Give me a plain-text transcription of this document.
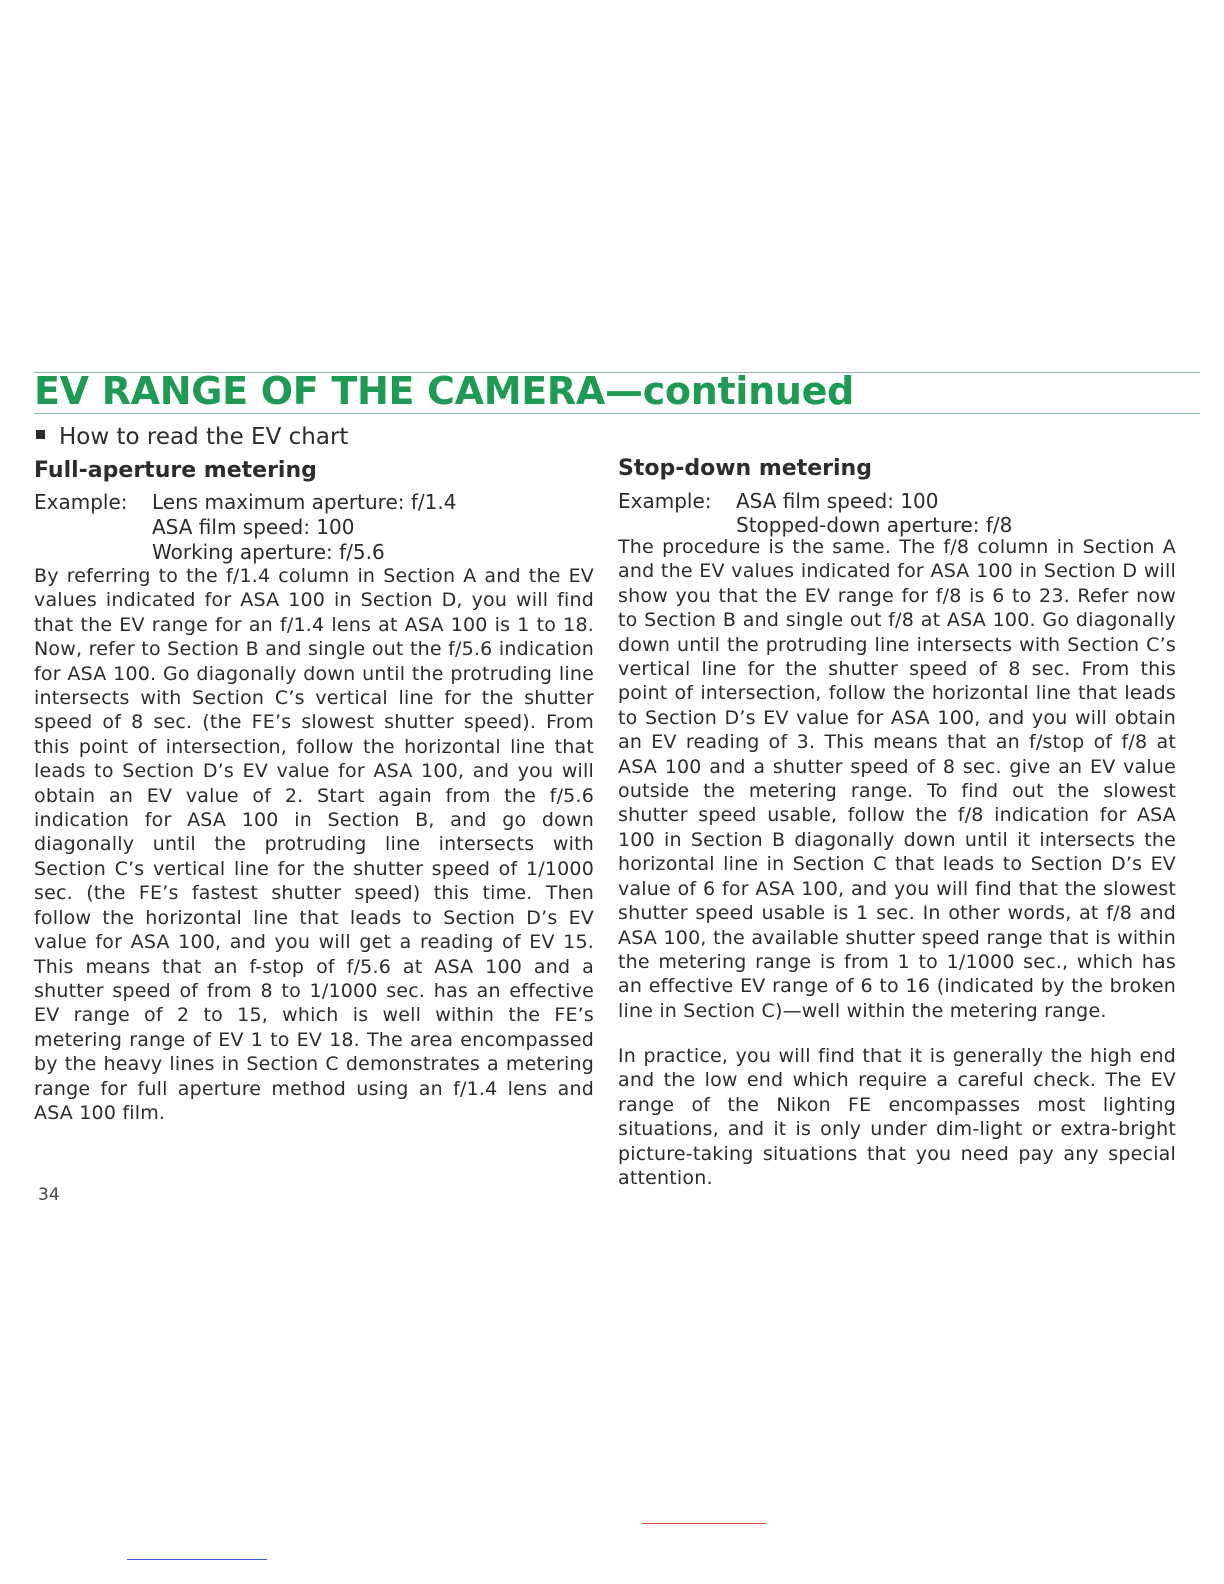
EV RANGE OF THE CAMERA—continued
How to read the EV chart
Full-aperture metering
Example: Lens maximum aperture: f/1.4
ASA film speed: 100
Working aperture: f/5.6
By referring to the f/1.4 column in Section A and the EV values indicated for ASA 100 in Section D, you will find that the EV range for an f/1.4 lens at ASA 100 is 1 to 18. Now, refer to Section B and single out the f/5.6 indication for ASA 100. Go diagonally down until the protruding line intersects with Section C’s vertical line for the shutter speed of 8 sec. (the FE’s slowest shutter speed). From this point of intersection, follow the horizontal line that leads to Section D’s EV value for ASA 100, and you will obtain an EV value of 2. Start again from the f/5.6 indication for ASA 100 in Section B, and go down diagonally until the protruding line intersects with Section C’s vertical line for the shutter speed of 1/1000 sec. (the FE’s fastest shutter speed) this time. Then follow the horizontal line that leads to Section D’s EV value for ASA 100, and you will get a reading of EV 15. This means that an f-stop of f/5.6 at ASA 100 and a shutter speed of from 8 to 1/1000 sec. has an effective EV range of 2 to 15, which is well within the FE’s metering range of EV 1 to EV 18. The area encompassed by the heavy lines in Section C demonstrates a metering range for full aperture method using an f/1.4 lens and ASA 100 film.
Stop-down metering
Example: ASA film speed: 100
Stopped-down aperture: f/8
The procedure is the same. The f/8 column in Section A and the EV values indicated for ASA 100 in Section D will show you that the EV range for f/8 is 6 to 23. Refer now to Section B and single out f/8 at ASA 100. Go diagonally down until the protruding line intersects with Section C’s vertical line for the shutter speed of 8 sec. From this point of intersection, follow the horizontal line that leads to Section D’s EV value for ASA 100, and you will obtain an EV reading of 3. This means that an f/stop of f/8 at ASA 100 and a shutter speed of 8 sec. give an EV value outside the metering range. To find out the slowest shutter speed usable, follow the f/8 indication for ASA 100 in Section B diagonally down until it intersects the horizontal line in Section C that leads to Section D’s EV value of 6 for ASA 100, and you will find that the slowest shutter speed usable is 1 sec. In other words, at f/8 and ASA 100, the available shutter speed range that is within the metering range is from 1 to 1/1000 sec., which has an effective EV range of 6 to 16 (indicated by the broken line in Section C)—well within the metering range.
In practice, you will find that it is generally the high end and the low end which require a careful check. The EV range of the Nikon FE encompasses most lighting situations, and it is only under dim-light or extra-bright picture-taking situations that you need pay any special attention.
34
